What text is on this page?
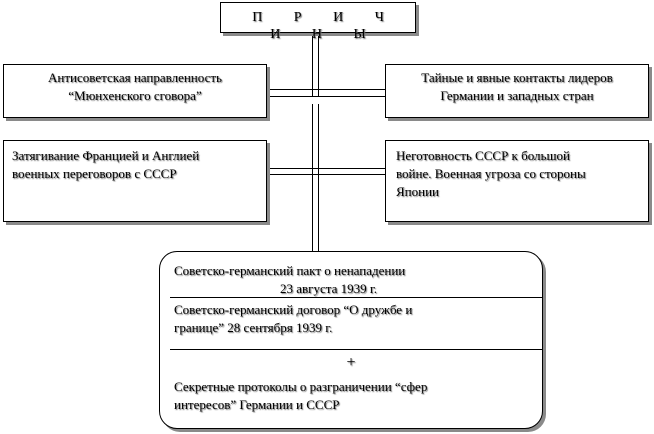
П Р И Ч И Н Ы
Антисоветская направленность
“Мюнхенского сговора”
Тайные и явные контакты лидеров
Германии и западных стран
Затягивание Францией и Англией
военных переговоров с СССР
Неготовность СССР к большой
войне. Военная угроза со стороны
Японии
Советско-германский пакт о ненападении
23 августа 1939 г.
Советско-германский договор “О дружбе и
границе” 28 сентября 1939 г.
+
Секретные протоколы о разграничении “сфер
интересов” Германии и СССР
